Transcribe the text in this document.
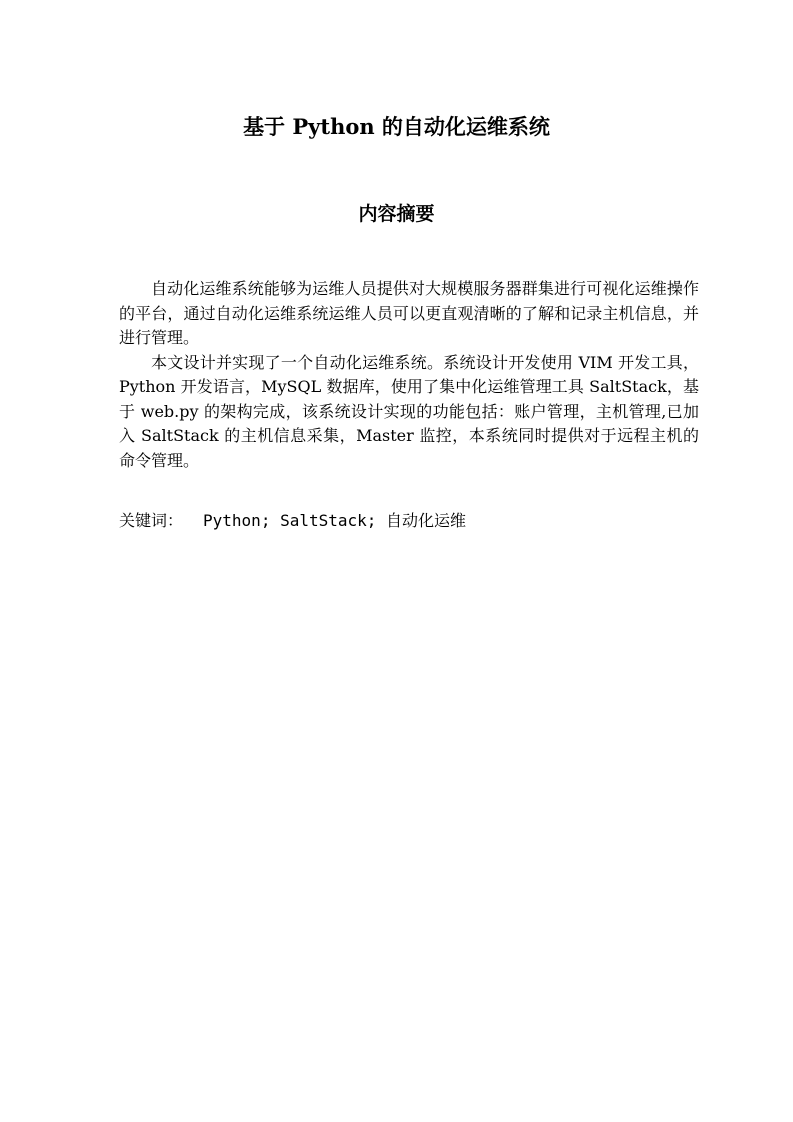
基于 Python 的自动化运维系统
内容摘要

自动化运维系统能够为运维人员提供对大规模服务器群集进行可视化运维操作的平台，通过自动化运维系统运维人员可以更直观清晰的了解和记录主机信息，并进行管理。

本文设计并实现了一个自动化运维系统。系统设计开发使用 VIM 开发工具，Python 开发语言，MySQL 数据库，使用了集中化运维管理工具 SaltStack，基于 web.py 的架构完成，该系统设计实现的功能包括：账户管理，主机管理,已加入 SaltStack 的主机信息采集，Master 监控，本系统同时提供对于远程主机的命令管理。

关键词： Python; SaltStack; 自动化运维
